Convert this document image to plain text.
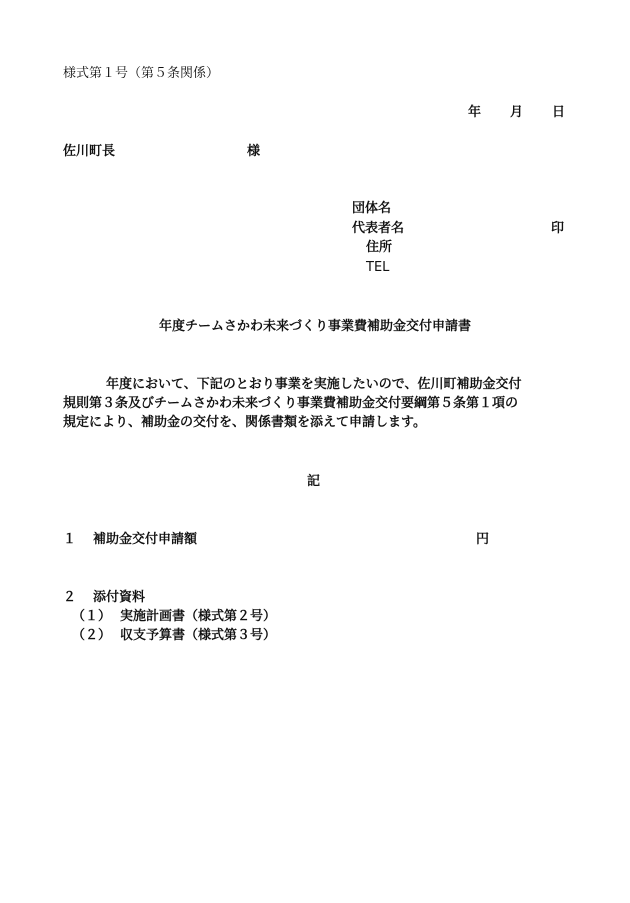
様式第１号（第５条関係）
年 月 日
佐川町長	様
団体名
代表者名	印
住所
TEL
年度チームさかわ未来づくり事業費補助金交付申請書
年度において、下記のとおり事業を実施したいので、佐川町補助金交付
規則第３条及びチームさかわ未来づくり事業費補助金交付要綱第５条第１項の
規定により、補助金の交付を、関係書類を添えて申請します。
記
１ 補助金交付申請額	円
２ 添付資料
（１） 実施計画書（様式第２号）
（２） 収支予算書（様式第３号）
